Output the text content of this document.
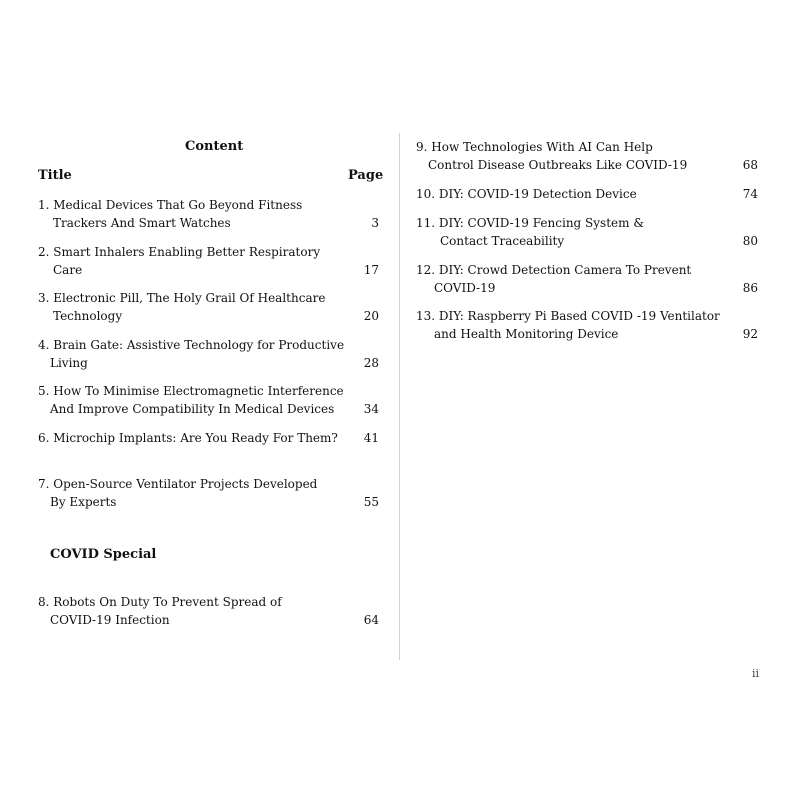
Content
Title	Page
1. Medical Devices That Go Beyond Fitness
Trackers And Smart Watches	3
2. Smart Inhalers Enabling Better Respiratory
Care	17
3. Electronic Pill, The Holy Grail Of Healthcare
Technology	20
4. Brain Gate: Assistive Technology for Productive
Living	28
5. How To Minimise Electromagnetic Interference
And Improve Compatibility In Medical Devices	34
6. Microchip Implants: Are You Ready For Them?	41
7. Open-Source Ventilator Projects Developed
By Experts	55
COVID Special
8. Robots On Duty To Prevent Spread of
COVID-19 Infection	64
9. How Technologies With AI Can Help
Control Disease Outbreaks Like COVID-19	68
10. DIY: COVID-19 Detection Device	74
11. DIY: COVID-19 Fencing System &
Contact Traceability	80
12. DIY: Crowd Detection Camera To Prevent
COVID-19	86
13. DIY: Raspberry Pi Based COVID -19 Ventilator
and Health Monitoring Device	92
ii
